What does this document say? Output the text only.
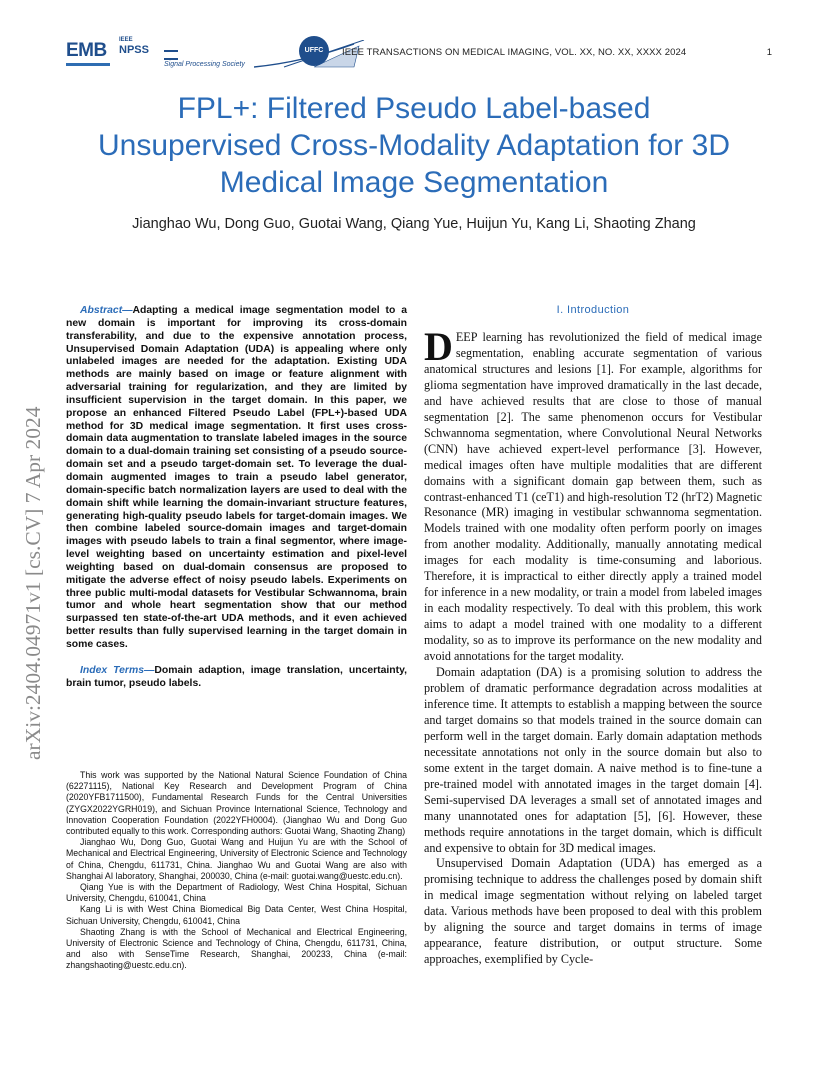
EMB IEEE
NPSS
Signal Processing Society
UFFC	IEEE TRANSACTIONS ON MEDICAL IMAGING, VOL. XX, NO. XX, XXXX 2024	1
FPL+: Filtered Pseudo Label-based
Unsupervised Cross-Modality Adaptation for 3D
Medical Image Segmentation
Jianghao Wu, Dong Guo, Guotai Wang, Qiang Yue, Huijun Yu, Kang Li, Shaoting Zhang
arXiv:2404.04971v1 [cs.CV] 7 Apr 2024

Abstract—Adapting a medical image segmentation model to a new domain is important for improving its cross-domain transferability, and due to the expensive annotation process, Unsupervised Domain Adaptation (UDA) is appealing where only unlabeled images are needed for the adaptation. Existing UDA methods are mainly based on image or feature alignment with adversarial training for regularization, and they are limited by insufficient supervision in the target domain. In this paper, we propose an enhanced Filtered Pseudo Label (FPL+)-based UDA method for 3D medical image segmentation. It first uses cross-domain data augmentation to translate labeled images in the source domain to a dual-domain training set consisting of a pseudo source-domain set and a pseudo target-domain set. To leverage the dual-domain augmented images to train a pseudo label generator, domain-specific batch normalization layers are used to deal with the domain shift while learning the domain-invariant structure features, generating high-quality pseudo labels for target-domain images. We then combine labeled source-domain images and target-domain images with pseudo labels to train a final segmentor, where image-level weighting based on uncertainty estimation and pixel-level weighting based on dual-domain consensus are proposed to mitigate the adverse effect of noisy pseudo labels. Experiments on three public multi-modal datasets for Vestibular Schwannoma, brain tumor and whole heart segmentation show that our method surpassed ten state-of-the-art UDA methods, and it even achieved better results than fully supervised learning in the target domain in some cases.

Index Terms—Domain adaption, image translation, uncertainty, brain tumor, pseudo labels.

This work was supported by the National Natural Science Foundation of China (62271115), National Key Research and Development Program of China (2020YFB1711500), Fundamental Research Funds for the Central Universities (ZYGX2022YGRH019), and Sichuan Province International Science, Technology and Innovation Cooperation Foundation (2022YFH0004). (Jianghao Wu and Dong Guo contributed equally to this work. Corresponding authors: Guotai Wang, Shaoting Zhang)

Jianghao Wu, Dong Guo, Guotai Wang and Huijun Yu are with the School of Mechanical and Electrical Engineering, University of Electronic Science and Technology of China, Chengdu, 611731, China. Jianghao Wu and Guotai Wang are also with Shanghai AI laboratory, Shanghai, 200030, China (e-mail: guotai.wang@uestc.edu.cn).

Qiang Yue is with the Department of Radiology, West China Hospital, Sichuan University, Chengdu, 610041, China

Kang Li is with West China Biomedical Big Data Center, West China Hospital, Sichuan University, Chengdu, 610041, China

Shaoting Zhang is with the School of Mechanical and Electrical Engineering, University of Electronic Science and Technology of China, Chengdu, 611731, China, and also with SenseTime Research, Shanghai, 200233, China (e-mail: zhangshaoting@uestc.edu.cn).

I. Introduction

DEEP learning has revolutionized the field of medical image segmentation, enabling accurate segmentation of various anatomical structures and lesions [1]. For example, algorithms for glioma segmentation have improved dramatically in the last decade, and have achieved results that are close to those of manual segmentation [2]. The same phenomenon occurs for Vestibular Schwannoma segmentation, where Convolutional Neural Networks (CNN) have achieved expert-level performance [3]. However, medical images often have multiple modalities that are different domains with a significant domain gap between them, such as contrast-enhanced T1 (ceT1) and high-resolution T2 (hrT2) Magnetic Resonance (MR) imaging in vestibular schwannoma segmentation. Models trained with one modality often perform poorly on images from another modality. Additionally, manually annotating medical images for each modality is time-consuming and laborious. Therefore, it is impractical to either directly apply a trained model for inference in a new modality, or train a model from labeled images in each modality respectively. To deal with this problem, this work aims to adapt a model trained with one modality to a different modality, so as to improve its performance on the new modality and avoid annotations for the target modality.

Domain adaptation (DA) is a promising solution to address the problem of dramatic performance degradation across modalities at inference time. It attempts to establish a mapping between the source and target domains so that models trained in the source domain can perform well in the target domain. Early domain adaptation methods necessitate annotations not only in the source domain but also to some extent in the target domain. A naive method is to fine-tune a pre-trained model with annotated images in the target domain [4]. Semi-supervised DA leverages a small set of annotated images and many unannotated ones for adaptation [5], [6]. However, these methods require annotations in the target domain, which is difficult and expensive to obtain for 3D medical images.

Unsupervised Domain Adaptation (UDA) has emerged as a promising technique to address the challenges posed by domain shift in medical image segmentation without relying on labeled target data. Various methods have been proposed to deal with this problem by aligning the source and target domains in terms of image appearance, feature distribution, or output structure. Some approaches, exemplified by Cycle-
